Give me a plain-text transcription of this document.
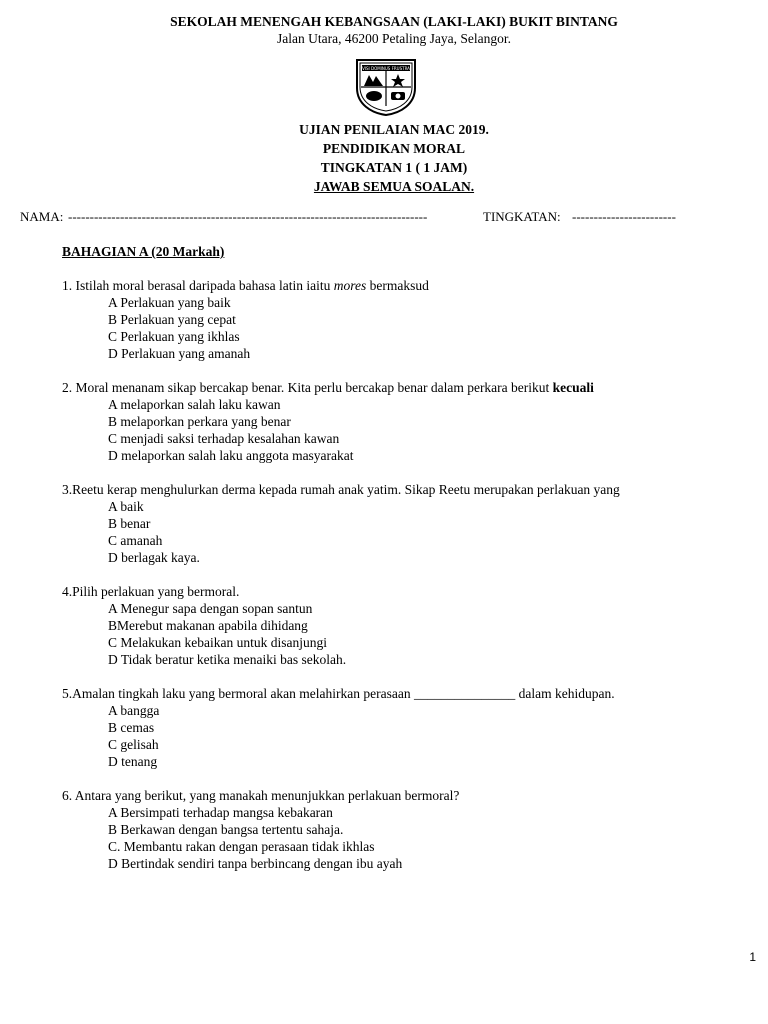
SEKOLAH MENENGAH KEBANGSAAN (LAKI-LAKI) BUKIT BINTANG
Jalan Utara, 46200 Petaling Jaya, Selangor.
VISI DOMINUS FRUSTRA
UJIAN PENILAIAN MAC 2019.
PENDIDIKAN MORAL
TINGKATAN 1 ( 1 JAM)
JAWAB SEMUA SOALAN.
NAMA: -----------------------------------------------------------------------------------	TINGKATAN: ------------------------
BAHAGIAN A (20 Markah)
1. Istilah moral berasal daripada bahasa latin iaitu mores bermaksud
A Perlakuan yang baik
B Perlakuan yang cepat
C Perlakuan yang ikhlas
D Perlakuan yang amanah
2. Moral menanam sikap bercakap benar. Kita perlu bercakap benar dalam perkara berikut kecuali
A melaporkan salah laku kawan
B melaporkan perkara yang benar
C menjadi saksi terhadap kesalahan kawan
D melaporkan salah laku anggota masyarakat
3.Reetu kerap menghulurkan derma kepada rumah anak yatim. Sikap Reetu merupakan perlakuan yang
A baik
B benar
C amanah
D berlagak kaya.
4.Pilih perlakuan yang bermoral.
A Menegur sapa dengan sopan santun
BMerebut makanan apabila dihidang
C Melakukan kebaikan untuk disanjungi
D Tidak beratur ketika menaiki bas sekolah.
5.Amalan tingkah laku yang bermoral akan melahirkan perasaan _______________ dalam kehidupan.
A bangga
B cemas
C gelisah
D tenang
6. Antara yang berikut, yang manakah menunjukkan perlakuan bermoral?
A Bersimpati terhadap mangsa kebakaran
B Berkawan dengan bangsa tertentu sahaja.
C. Membantu rakan dengan perasaan tidak ikhlas
D Bertindak sendiri tanpa berbincang dengan ibu ayah
1
